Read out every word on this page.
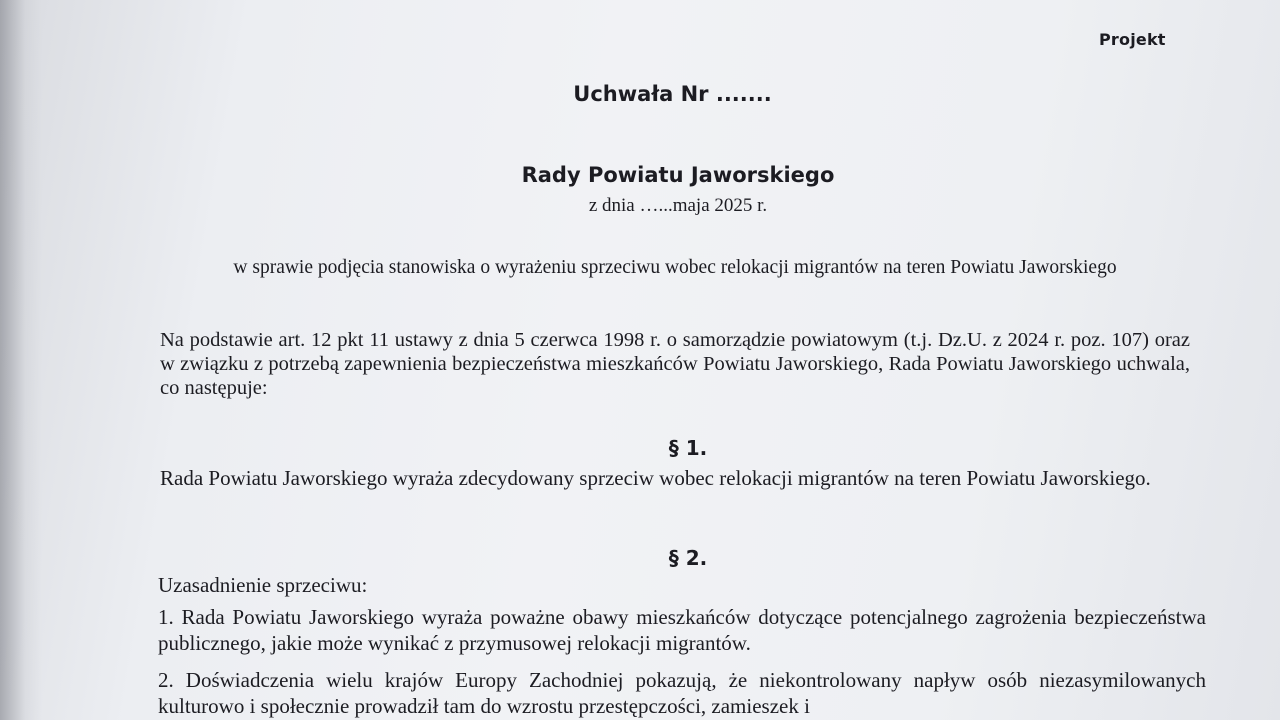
Projekt
Uchwała Nr .......
Rady Powiatu Jaworskiego
z dnia …...maja 2025 r.
w sprawie podjęcia stanowiska o wyrażeniu sprzeciwu wobec relokacji migrantów na teren Powiatu Jaworskiego
Na podstawie art. 12 pkt 11 ustawy z dnia 5 czerwca 1998 r. o samorządzie powiatowym (t.j. Dz.U. z 2024 r. poz. 107) oraz w związku z potrzebą zapewnienia bezpieczeństwa mieszkańców Powiatu Jaworskiego, Rada Powiatu Jaworskiego uchwala, co następuje:
§ 1.
Rada Powiatu Jaworskiego wyraża zdecydowany sprzeciw wobec relokacji migrantów na teren Powiatu Jaworskiego.
§ 2.
Uzasadnienie sprzeciwu:
1. Rada Powiatu Jaworskiego wyraża poważne obawy mieszkańców dotyczące potencjalnego zagrożenia bezpieczeństwa publicznego, jakie może wynikać z przymusowej relokacji migrantów.
2. Doświadczenia wielu krajów Europy Zachodniej pokazują, że niekontrolowany napływ osób niezasymilowanych kulturowo i społecznie prowadził tam do wzrostu przestępczości, zamieszek i
